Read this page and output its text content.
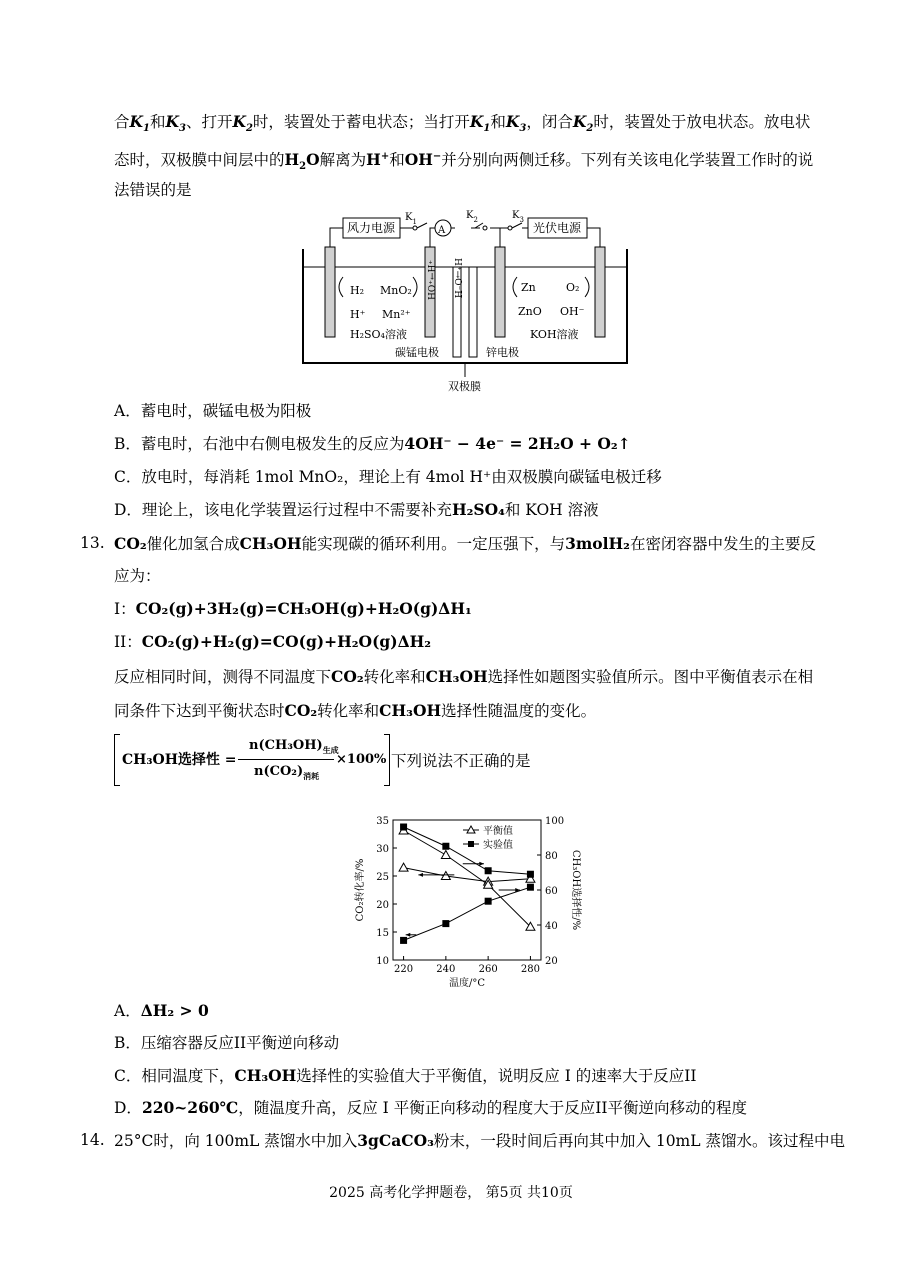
合$K_1$和$K_3$、打开$K_2$时，装置处于蓄电状态；当打开$K_1$和$K_3$，闭合$K_2$时，装置处于放电状态。放电状
态时，双极膜中间层中的$H_2O$解离为H+和OH−并分别向两侧迁移。下列有关该电化学装置工作时的说
法错误的是
风力电源	光伏电源
A
$K_1$
$K_2$	$K_3$
H₂ MnO₂
H⁺ Mn²⁺
H₂SO₄溶液
Zn
ZnO
O₂
OH⁻
KOH溶液
碳锰电极	锌电极
双极膜
HO⁺←H⁺	H⁺→O⁻H
A．蓄电时，碳锰电极为阳极
B．蓄电时，右池中右侧电极发生的反应为4OH⁻ − 4e⁻ = 2H₂O + O₂↑
C．放电时，每消耗 1mol MnO₂，理论上有 4mol H⁺由双极膜向碳锰电极迁移
D．理论上，该电化学装置运行过程中不需要补充H₂SO₄和 KOH 溶液
13. CO₂催化加氢合成CH₃OH能实现碳的循环利用。一定压强下，与3molH₂在密闭容器中发生的主要反
应为：
I：CO₂(g)+3H₂(g)=CH₃OH(g)+H₂O(g)ΔH₁
II：CO₂(g)+H₂(g)=CO(g)+H₂O(g)ΔH₂
反应相同时间，测得不同温度下CO₂转化率和CH₃OH选择性如题图实验值所示。图中平衡值表示在相
同条件下达到平衡状态时CO₂转化率和CH₃OH选择性随温度的变化。
CH₃OH选择性 =
$n(CH_3OH)_{生成}$
$n(CO_2)_{消耗}$
×100% 下列说法不正确的是
220 240 260 280
10
15
20
25
30
35
20
40
60
80
100
温度/°C
CO₂转化率/%	CH₃OH选择性/%
平衡值
实验值
A．ΔH₂ > 0
B．压缩容器反应II平衡逆向移动
C．相同温度下，CH₃OH选择性的实验值大于平衡值，说明反应 I 的速率大于反应II
D．220~260℃，随温度升高，反应 I 平衡正向移动的程度大于反应II平衡逆向移动的程度
14. 25°C时，向 100mL 蒸馏水中加入3gCaCO₃粉末，一段时间后再向其中加入 10mL 蒸馏水。该过程中电
2025 高考化学押题卷， 第5页 共10页
